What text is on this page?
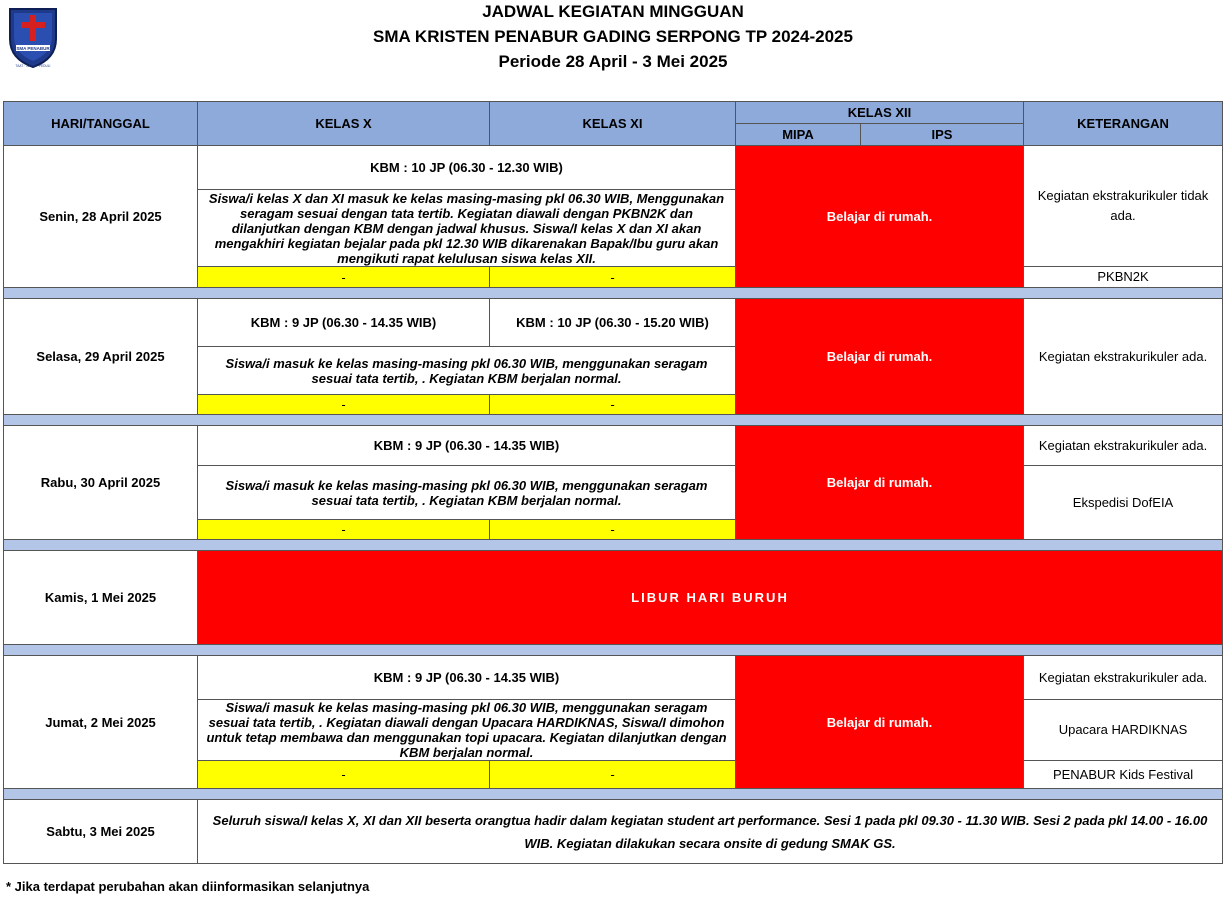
SMA PENABUR
TAAT · JUJUR · PEDULI
JADWAL KEGIATAN MINGGUAN
SMA KRISTEN PENABUR GADING SERPONG TP 2024-2025
Periode 28 April - 3 Mei 2025
HARI/TANGGAL	KELAS X	KELAS XI	KELAS XII		KETERANGAN
			MIPA	IPS	
Senin, 28 April 2025	KBM : 10 JP (06.30 - 12.30 WIB)		Belajar di rumah.		Kegiatan ekstrakurikuler tidak ada.
	Siswa/i kelas X dan XI masuk ke kelas masing-masing pkl 06.30 WIB, Menggunakan seragam sesuai dengan tata tertib. Kegiatan diawali dengan PKBN2K dan dilanjutkan dengan KBM dengan jadwal khusus. Siswa/I kelas X dan XI akan mengakhiri kegiatan bejalar pada pkl 12.30 WIB dikarenakan Bapak/Ibu guru akan mengikuti rapat kelulusan siswa kelas XII.				
	-	-			PKBN2K

Selasa, 29 April 2025	KBM : 9 JP (06.30 - 14.35 WIB)	KBM : 10 JP (06.30 - 15.20 WIB)	Belajar di rumah.		Kegiatan ekstrakurikuler ada.
	Siswa/i masuk ke kelas masing-masing pkl 06.30 WIB, menggunakan seragam sesuai tata tertib, . Kegiatan KBM berjalan normal.				
	-	-			

Rabu, 30 April 2025	KBM : 9 JP (06.30 - 14.35 WIB)		Belajar di rumah.		Kegiatan ekstrakurikuler ada.
	Siswa/i masuk ke kelas masing-masing pkl 06.30 WIB, menggunakan seragam sesuai tata tertib, . Kegiatan KBM berjalan normal.				Ekspedisi DofEIA
	-	-			

Kamis, 1 Mei 2025	LIBUR HARI BURUH				

Jumat, 2 Mei 2025	KBM : 9 JP (06.30 - 14.35 WIB)		Belajar di rumah.		Kegiatan ekstrakurikuler ada.
	Siswa/i masuk ke kelas masing-masing pkl 06.30 WIB, menggunakan seragam sesuai tata tertib, . Kegiatan diawali dengan Upacara HARDIKNAS, Siswa/I dimohon untuk tetap membawa dan menggunakan topi upacara. Kegiatan dilanjutkan dengan KBM berjalan normal.				Upacara HARDIKNAS
	-	-			PENABUR Kids Festival

Sabtu, 3 Mei 2025	Seluruh siswa/I kelas X, XI dan XII beserta orangtua hadir dalam kegiatan student art performance. Sesi 1 pada pkl 09.30 - 11.30 WIB. Sesi 2 pada pkl 14.00 - 16.00 WIB. Kegiatan dilakukan secara onsite di gedung SMAK GS.				
* Jika terdapat perubahan akan diinformasikan selanjutnya
